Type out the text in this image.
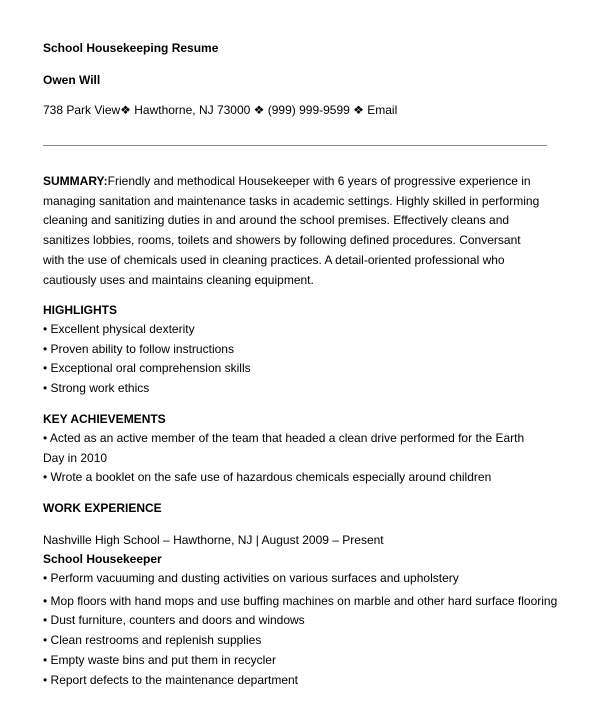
School Housekeeping Resume
Owen Will
738 Park View❖ Hawthorne, NJ 73000 ❖ (999) 999-9599 ❖ Email
SUMMARY:Friendly and methodical Housekeeper with 6 years of progressive experience in managing sanitation and maintenance tasks in academic settings. Highly skilled in performing cleaning and sanitizing duties in and around the school premises. Effectively cleans and sanitizes lobbies, rooms, toilets and showers by following defined procedures. Conversant with the use of chemicals used in cleaning practices. A detail-oriented professional who cautiously uses and maintains cleaning equipment.
HIGHLIGHTS
• Excellent physical dexterity
• Proven ability to follow instructions
• Exceptional oral comprehension skills
• Strong work ethics
KEY ACHIEVEMENTS
• Acted as an active member of the team that headed a clean drive performed for the Earth Day in 2010
• Wrote a booklet on the safe use of hazardous chemicals especially around children
WORK EXPERIENCE
Nashville High School – Hawthorne, NJ | August 2009 – Present
School Housekeeper
• Perform vacuuming and dusting activities on various surfaces and upholstery
• Mop floors with hand mops and use buffing machines on marble and other hard surface flooring
• Dust furniture, counters and doors and windows
• Clean restrooms and replenish supplies
• Empty waste bins and put them in recycler
• Report defects to the maintenance department
